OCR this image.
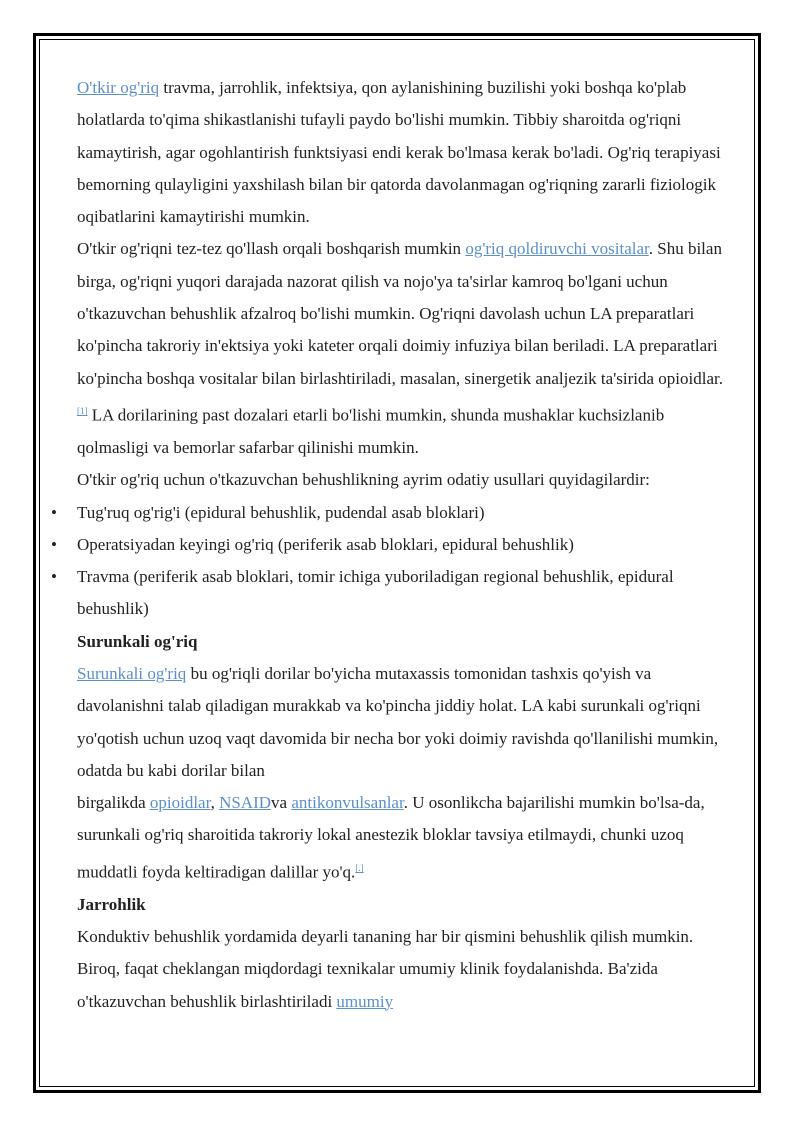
O'tkir og'riq travma, jarrohlik, infektsiya, qon aylanishining buzilishi yoki boshqa ko'plab holatlarda to'qima shikastlanishi tufayli paydo bo'lishi mumkin. Tibbiy sharoitda og'riqni kamaytirish, agar ogohlantirish funktsiyasi endi kerak bo'lmasa kerak bo'ladi. Og'riq terapiyasi bemorning qulayligini yaxshilash bilan bir qatorda davolanmagan og'riqning zararli fiziologik oqibatlarini kamaytirishi mumkin.

O'tkir og'riqni tez-tez qo'llash orqali boshqarish mumkin og'riq qoldiruvchi vositalar. Shu bilan birga, og'riqni yuqori darajada nazorat qilish va nojo'ya ta'sirlar kamroq bo'lgani uchun o'tkazuvchan behushlik afzalroq bo'lishi mumkin. Og'riqni davolash uchun LA preparatlari ko'pincha takroriy in'ektsiya yoki kateter orqali doimiy infuziya bilan beriladi. LA preparatlari ko'pincha boshqa vositalar bilan birlashtiriladi, masalan, sinergetik analjezik ta'sirida opioidlar.[1] LA dorilarining past dozalari etarli bo'lishi mumkin, shunda mushaklar kuchsizlanib qolmasligi va bemorlar safarbar qilinishi mumkin.

O'tkir og'riq uchun o'tkazuvchan behushlikning ayrim odatiy usullari quyidagilardir:

• Tug'ruq og'rig'i (epidural behushlik, pudendal asab bloklari)
• Operatsiyadan keyingi og'riq (periferik asab bloklari, epidural behushlik)
• Travma (periferik asab bloklari, tomir ichiga yuboriladigan regional behushlik, epidural behushlik)
Surunkali og'riq

Surunkali og'riq bu og'riqli dorilar bo'yicha mutaxassis tomonidan tashxis qo'yish va davolanishni talab qiladigan murakkab va ko'pincha jiddiy holat. LA kabi surunkali og'riqni yo'qotish uchun uzoq vaqt davomida bir necha bor yoki doimiy ravishda qo'llanilishi mumkin, odatda bu kabi dorilar bilan
birgalikda opioidlar, NSAIDva antikonvulsanlar. U osonlikcha bajarilishi mumkin bo'lsa-da, surunkali og'riq sharoitida takroriy lokal anestezik bloklar tavsiya etilmaydi, chunki uzoq muddatli foyda keltiradigan dalillar yo'q.[.]

Jarrohlik

Konduktiv behushlik yordamida deyarli tananing har bir qismini behushlik qilish mumkin. Biroq, faqat cheklangan miqdordagi texnikalar umumiy klinik foydalanishda. Ba'zida o'tkazuvchan behushlik birlashtiriladi umumiy
